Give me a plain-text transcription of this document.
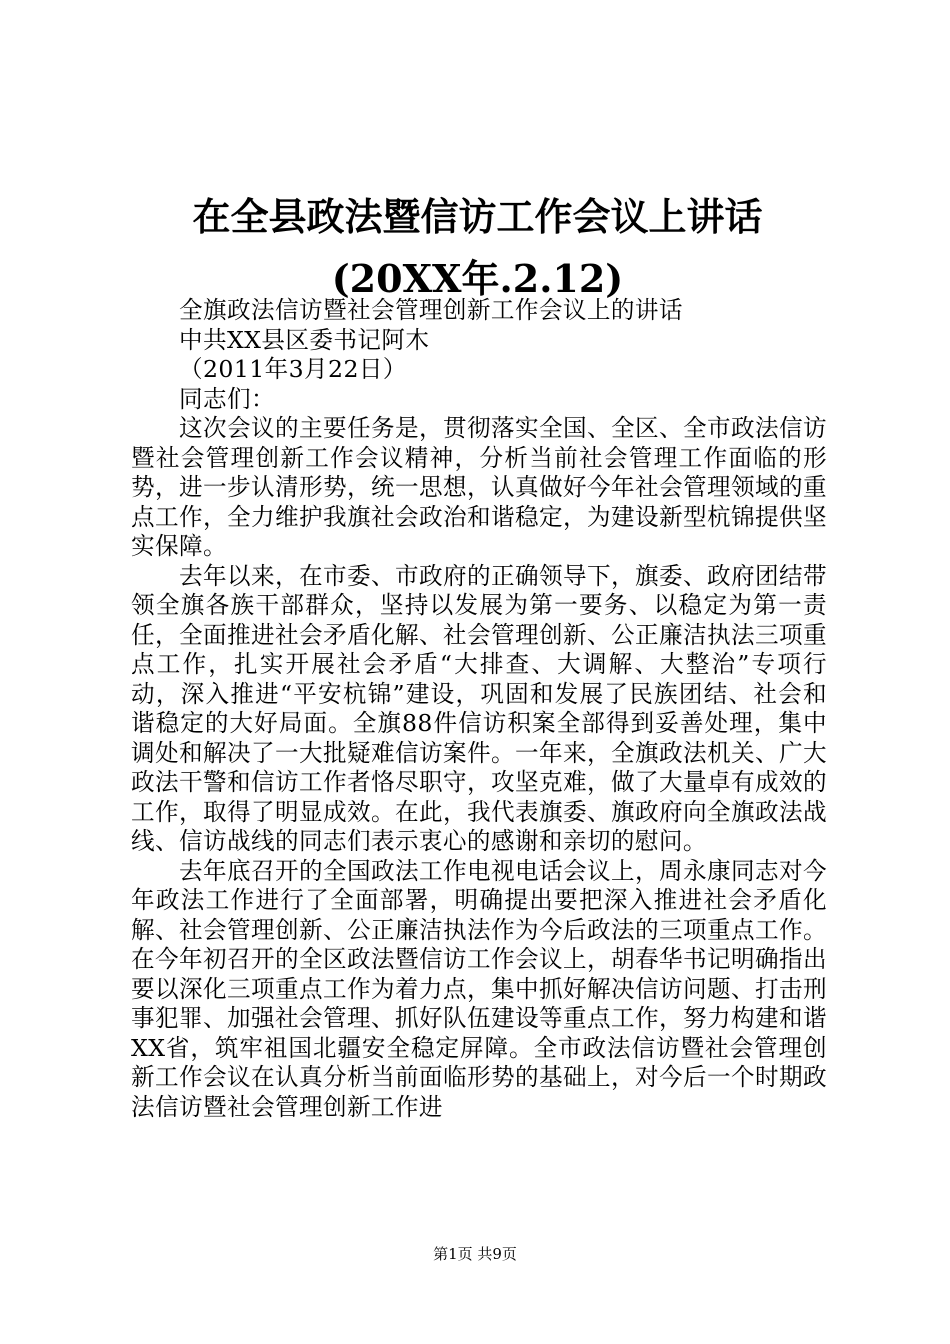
在全县政法暨信访工作会议上讲话(20XX年.2.12)

全旗政法信访暨社会管理创新工作会议上的讲话

中共XX县区委书记阿木

（2011年3月22日）

同志们：

这次会议的主要任务是，贯彻落实全国、全区、全市政法信访暨社会管理创新工作会议精神，分析当前社会管理工作面临的形势，进一步认清形势，统一思想，认真做好今年社会管理领域的重点工作，全力维护我旗社会政治和谐稳定，为建设新型杭锦提供坚实保障。

去年以来，在市委、市政府的正确领导下，旗委、政府团结带领全旗各族干部群众，坚持以发展为第一要务、以稳定为第一责任，全面推进社会矛盾化解、社会管理创新、公正廉洁执法三项重点工作，扎实开展社会矛盾“大排查、大调解、大整治”专项行动，深入推进“平安杭锦”建设，巩固和发展了民族团结、社会和谐稳定的大好局面。全旗88件信访积案全部得到妥善处理，集中调处和解决了一大批疑难信访案件。一年来，全旗政法机关、广大政法干警和信访工作者恪尽职守，攻坚克难，做了大量卓有成效的工作，取得了明显成效。在此，我代表旗委、旗政府向全旗政法战线、信访战线的同志们表示衷心的感谢和亲切的慰问。

去年底召开的全国政法工作电视电话会议上，周永康同志对今年政法工作进行了全面部署，明确提出要把深入推进社会矛盾化解、社会管理创新、公正廉洁执法作为今后政法的三项重点工作。在今年初召开的全区政法暨信访工作会议上，胡春华书记明确指出要以深化三项重点工作为着力点，集中抓好解决信访问题、打击刑事犯罪、加强社会管理、抓好队伍建设等重点工作，努力构建和谐XX省，筑牢祖国北疆安全稳定屏障。全市政法信访暨社会管理创新工作会议在认真分析当前面临形势的基础上，对今后一个时期政法信访暨社会管理创新工作进

第1页 共9页
